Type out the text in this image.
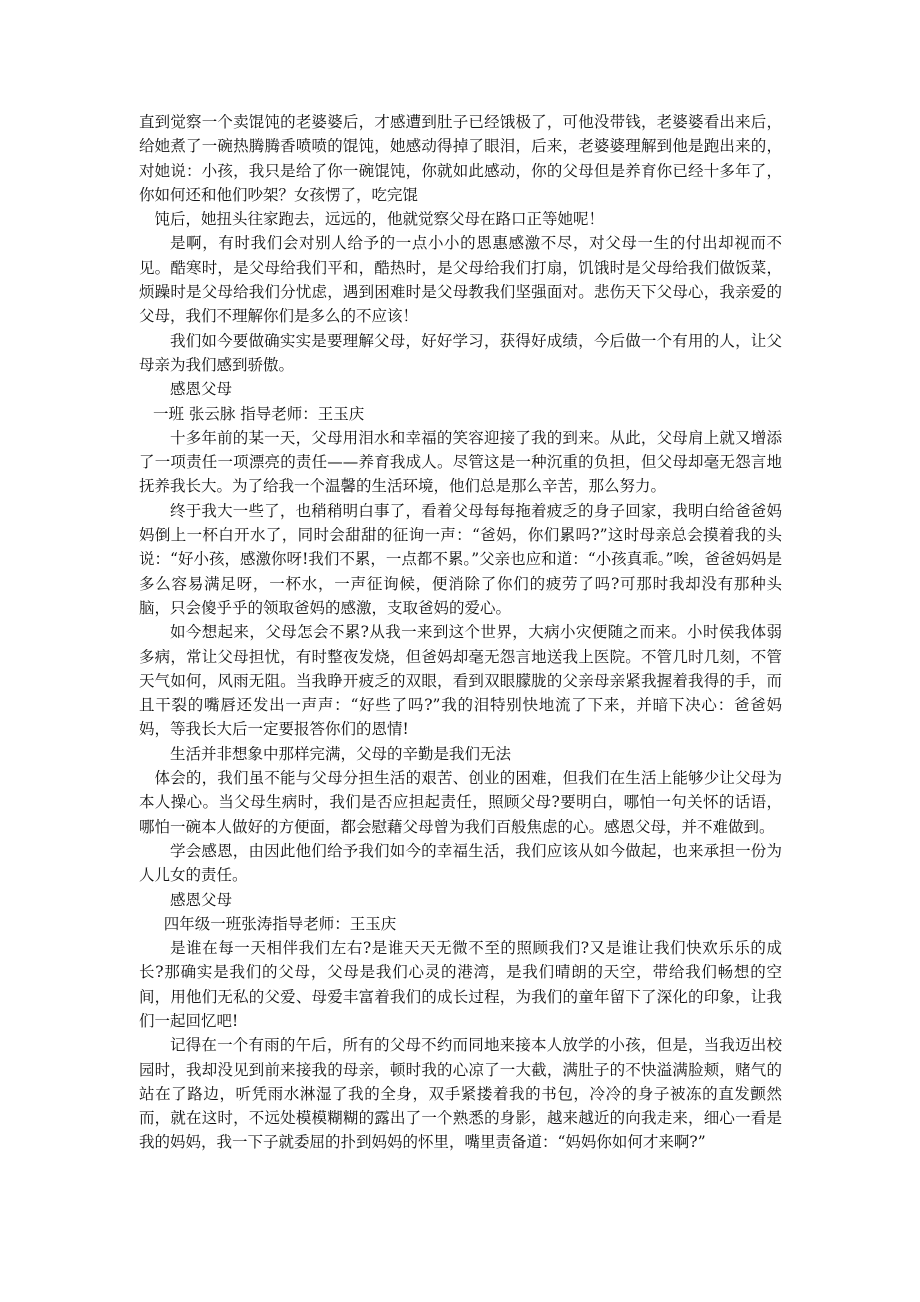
直到觉察一个卖馄饨的老婆婆后，才感遭到肚子已经饿极了，可他没带钱，老婆婆看出来后，给她煮了一碗热腾腾香喷喷的馄饨，她感动得掉了眼泪，后来，老婆婆理解到他是跑出来的，对她说：小孩，我只是给了你一碗馄饨，你就如此感动，你的父母但是养育你已经十多年了，你如何还和他们吵架？女孩愣了，吃完馄

饨后，她扭头往家跑去，远远的，他就觉察父母在路口正等她呢！

是啊，有时我们会对别人给予的一点小小的恩惠感激不尽，对父母一生的付出却视而不见。酷寒时，是父母给我们平和，酷热时，是父母给我们打扇，饥饿时是父母给我们做饭菜，烦躁时是父母给我们分忧虑，遇到困难时是父母教我们坚强面对。悲伤天下父母心，我亲爱的父母，我们不理解你们是多么的不应该！

我们如今要做确实实是要理解父母，好好学习，获得好成绩，今后做一个有用的人，让父母亲为我们感到骄傲。

感恩父母

一班 张云脉 指导老师：王玉庆

十多年前的某一天，父母用泪水和幸福的笑容迎接了我的到来。从此，父母肩上就又增添了一项责任一项漂亮的责任——养育我成人。尽管这是一种沉重的负担，但父母却毫无怨言地抚养我长大。为了给我一个温馨的生活环境，他们总是那么辛苦，那么努力。

终于我大一些了，也稍稍明白事了，看着父母每每拖着疲乏的身子回家，我明白给爸爸妈妈倒上一杯白开水了，同时会甜甜的征询一声：“爸妈，你们累吗?”这时母亲总会摸着我的头说：“好小孩，感激你呀!我们不累，一点都不累。”父亲也应和道：“小孩真乖。”唉，爸爸妈妈是多么容易满足呀，一杯水，一声征询候，便消除了你们的疲劳了吗?可那时我却没有那种头脑，只会傻乎乎的领取爸妈的感激，支取爸妈的爱心。

如今想起来，父母怎会不累?从我一来到这个世界，大病小灾便随之而来。小时侯我体弱多病，常让父母担忧，有时整夜发烧，但爸妈却毫无怨言地送我上医院。不管几时几刻，不管天气如何，风雨无阻。当我睁开疲乏的双眼，看到双眼朦胧的父亲母亲紧我握着我得的手，而且干裂的嘴唇还发出一声声：“好些了吗?”我的泪特别快地流了下来，并暗下决心：爸爸妈妈，等我长大后一定要报答你们的恩情!

生活并非想象中那样完满，父母的辛勤是我们无法

体会的，我们虽不能与父母分担生活的艰苦、创业的困难，但我们在生活上能够少让父母为本人操心。当父母生病时，我们是否应担起责任，照顾父母?要明白，哪怕一句关怀的话语，哪怕一碗本人做好的方便面，都会慰藉父母曾为我们百般焦虑的心。感恩父母，并不难做到。

学会感恩，由因此他们给予我们如今的幸福生活，我们应该从如今做起，也来承担一份为人儿女的责任。

感恩父母

四年级一班张涛指导老师：王玉庆

是谁在每一天相伴我们左右?是谁天天无微不至的照顾我们?又是谁让我们快欢乐乐的成长?那确实是我们的父母，父母是我们心灵的港湾，是我们晴朗的天空，带给我们畅想的空间，用他们无私的父爱、母爱丰富着我们的成长过程，为我们的童年留下了深化的印象，让我们一起回忆吧!

记得在一个有雨的午后，所有的父母不约而同地来接本人放学的小孩，但是，当我迈出校园时，我却没见到前来接我的母亲，顿时我的心凉了一大截，满肚子的不快溢满脸颊，赌气的站在了路边，听凭雨水淋湿了我的全身，双手紧搂着我的书包，冷冷的身子被冻的直发颤然而，就在这时，不远处模模糊糊的露出了一个熟悉的身影，越来越近的向我走来，细心一看是我的妈妈，我一下子就委屈的扑到妈妈的怀里，嘴里责备道：“妈妈你如何才来啊?”
